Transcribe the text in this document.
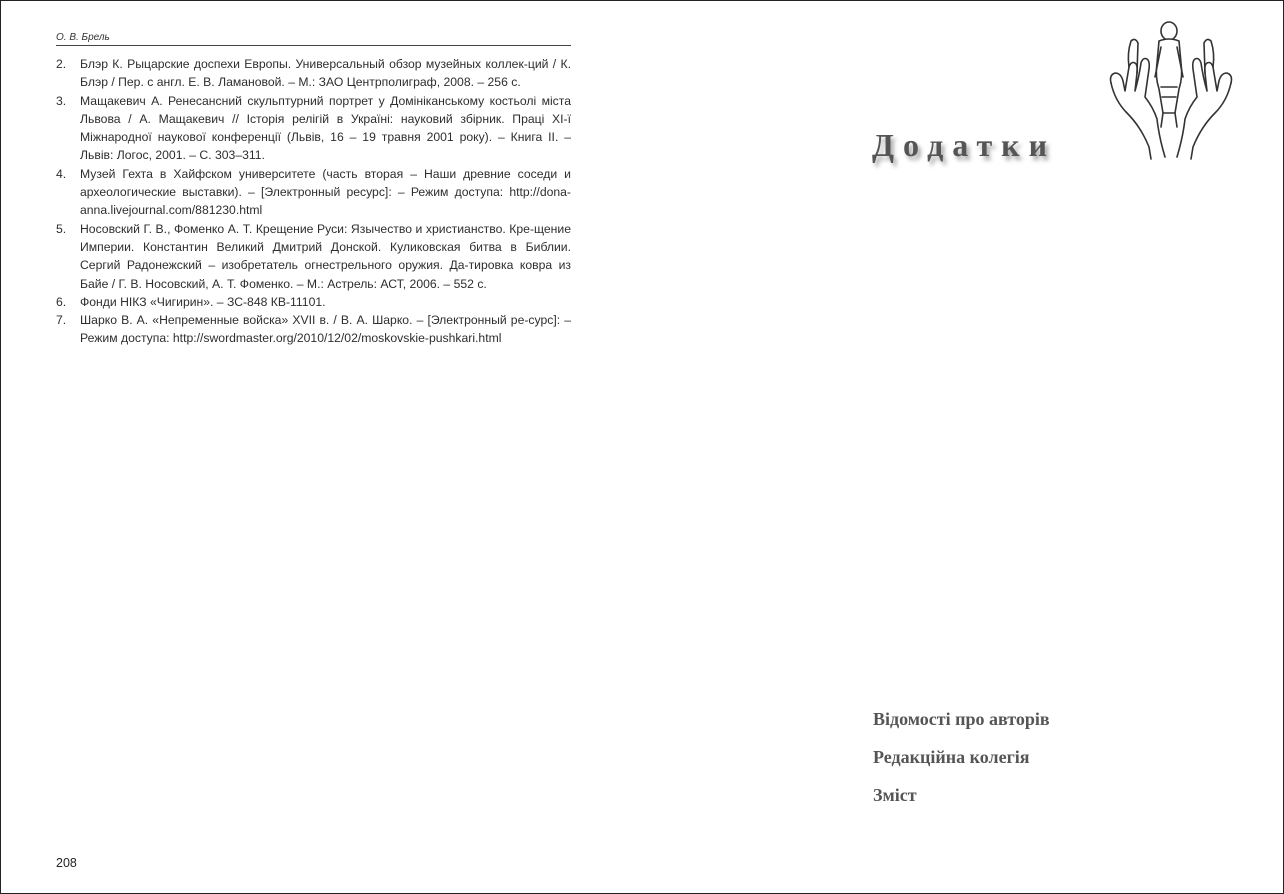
О. В. Брель
2. Блэр К. Рыцарские доспехи Европы. Универсальный обзор музейных коллек-ций / К. Блэр / Пер. с англ. Е. В. Ламановой. – М.: ЗАО Центрполиграф, 2008. – 256 с.
3. Мащакевич А. Ренесансний скульптурний портрет у Домініканському костьолі міста Львова / А. Мащакевич // Історія релігій в Україні: науковий збірник. Праці ХІ-ї Міжнародної наукової конференції (Львів, 16 – 19 травня 2001 року). – Книга ІІ. – Львів: Логос, 2001. – С. 303–311.
4. Музей Гехта в Хайфском университете (часть вторая – Наши древние соседи и археологические выставки). – [Электронный ресурс]: – Режим доступа: http://dona-anna.livejournal.com/881230.html
5. Носовский Г. В., Фоменко А. Т. Крещение Руси: Язычество и христианство. Кре-щение Империи. Константин Великий Дмитрий Донской. Куликовская битва в Библии. Сергий Радонежский – изобретатель огнестрельного оружия. Да-тировка ковра из Байе / Г. В. Носовский, А. Т. Фоменко. – М.: Астрель: АСТ, 2006. – 552 с.
6. Фонди НІКЗ «Чигирин». – ЗС-848 КВ-11101.
7. Шарко В. А. «Непременные войска» XVII в. / В. А. Шарко. – [Электронный ре-сурс]: – Режим доступа: http://swordmaster.org/2010/12/02/moskovskie-pushkari.html
208
Додатки
Відомості про авторів
Редакційна колегія
Зміст
